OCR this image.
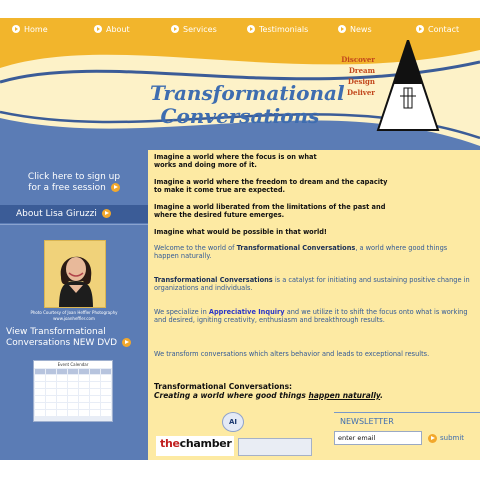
Home	About	Services	Testimonials	News	Contact
Transformational
Conversations
Discover
Dream
Design
Deliver
Click here to sign up
for a free session
About Lisa Giruzzi
Photo Courtesy of Joan Heffler Photography
www.joanheffler.com
View Transformational
Conversations NEW DVD
Event Calendar
Imagine a world where the focus is on what
works and doing more of it.
Imagine a world where the freedom to dream and the capacity
to make it come true are expected.
Imagine a world liberated from the limitations of the past and
where the desired future emerges.
Imagine what would be possible in that world!
Welcome to the world of Transformational Conversations, a world where good things happen naturally.
Transformational Conversations is a catalyst for initiating and sustaining positive change in organizations and individuals.
We specialize in Appreciative Inquiry and we utilize it to shift the focus onto what is working and desired, igniting creativity, enthusiasm and breakthrough results.
We transform conversations which alters behavior and leads to exceptional results.
Transformational Conversations:
Creating a world where good things happen naturally.
AI
thechamber
NEWSLETTER
enter email
submit
